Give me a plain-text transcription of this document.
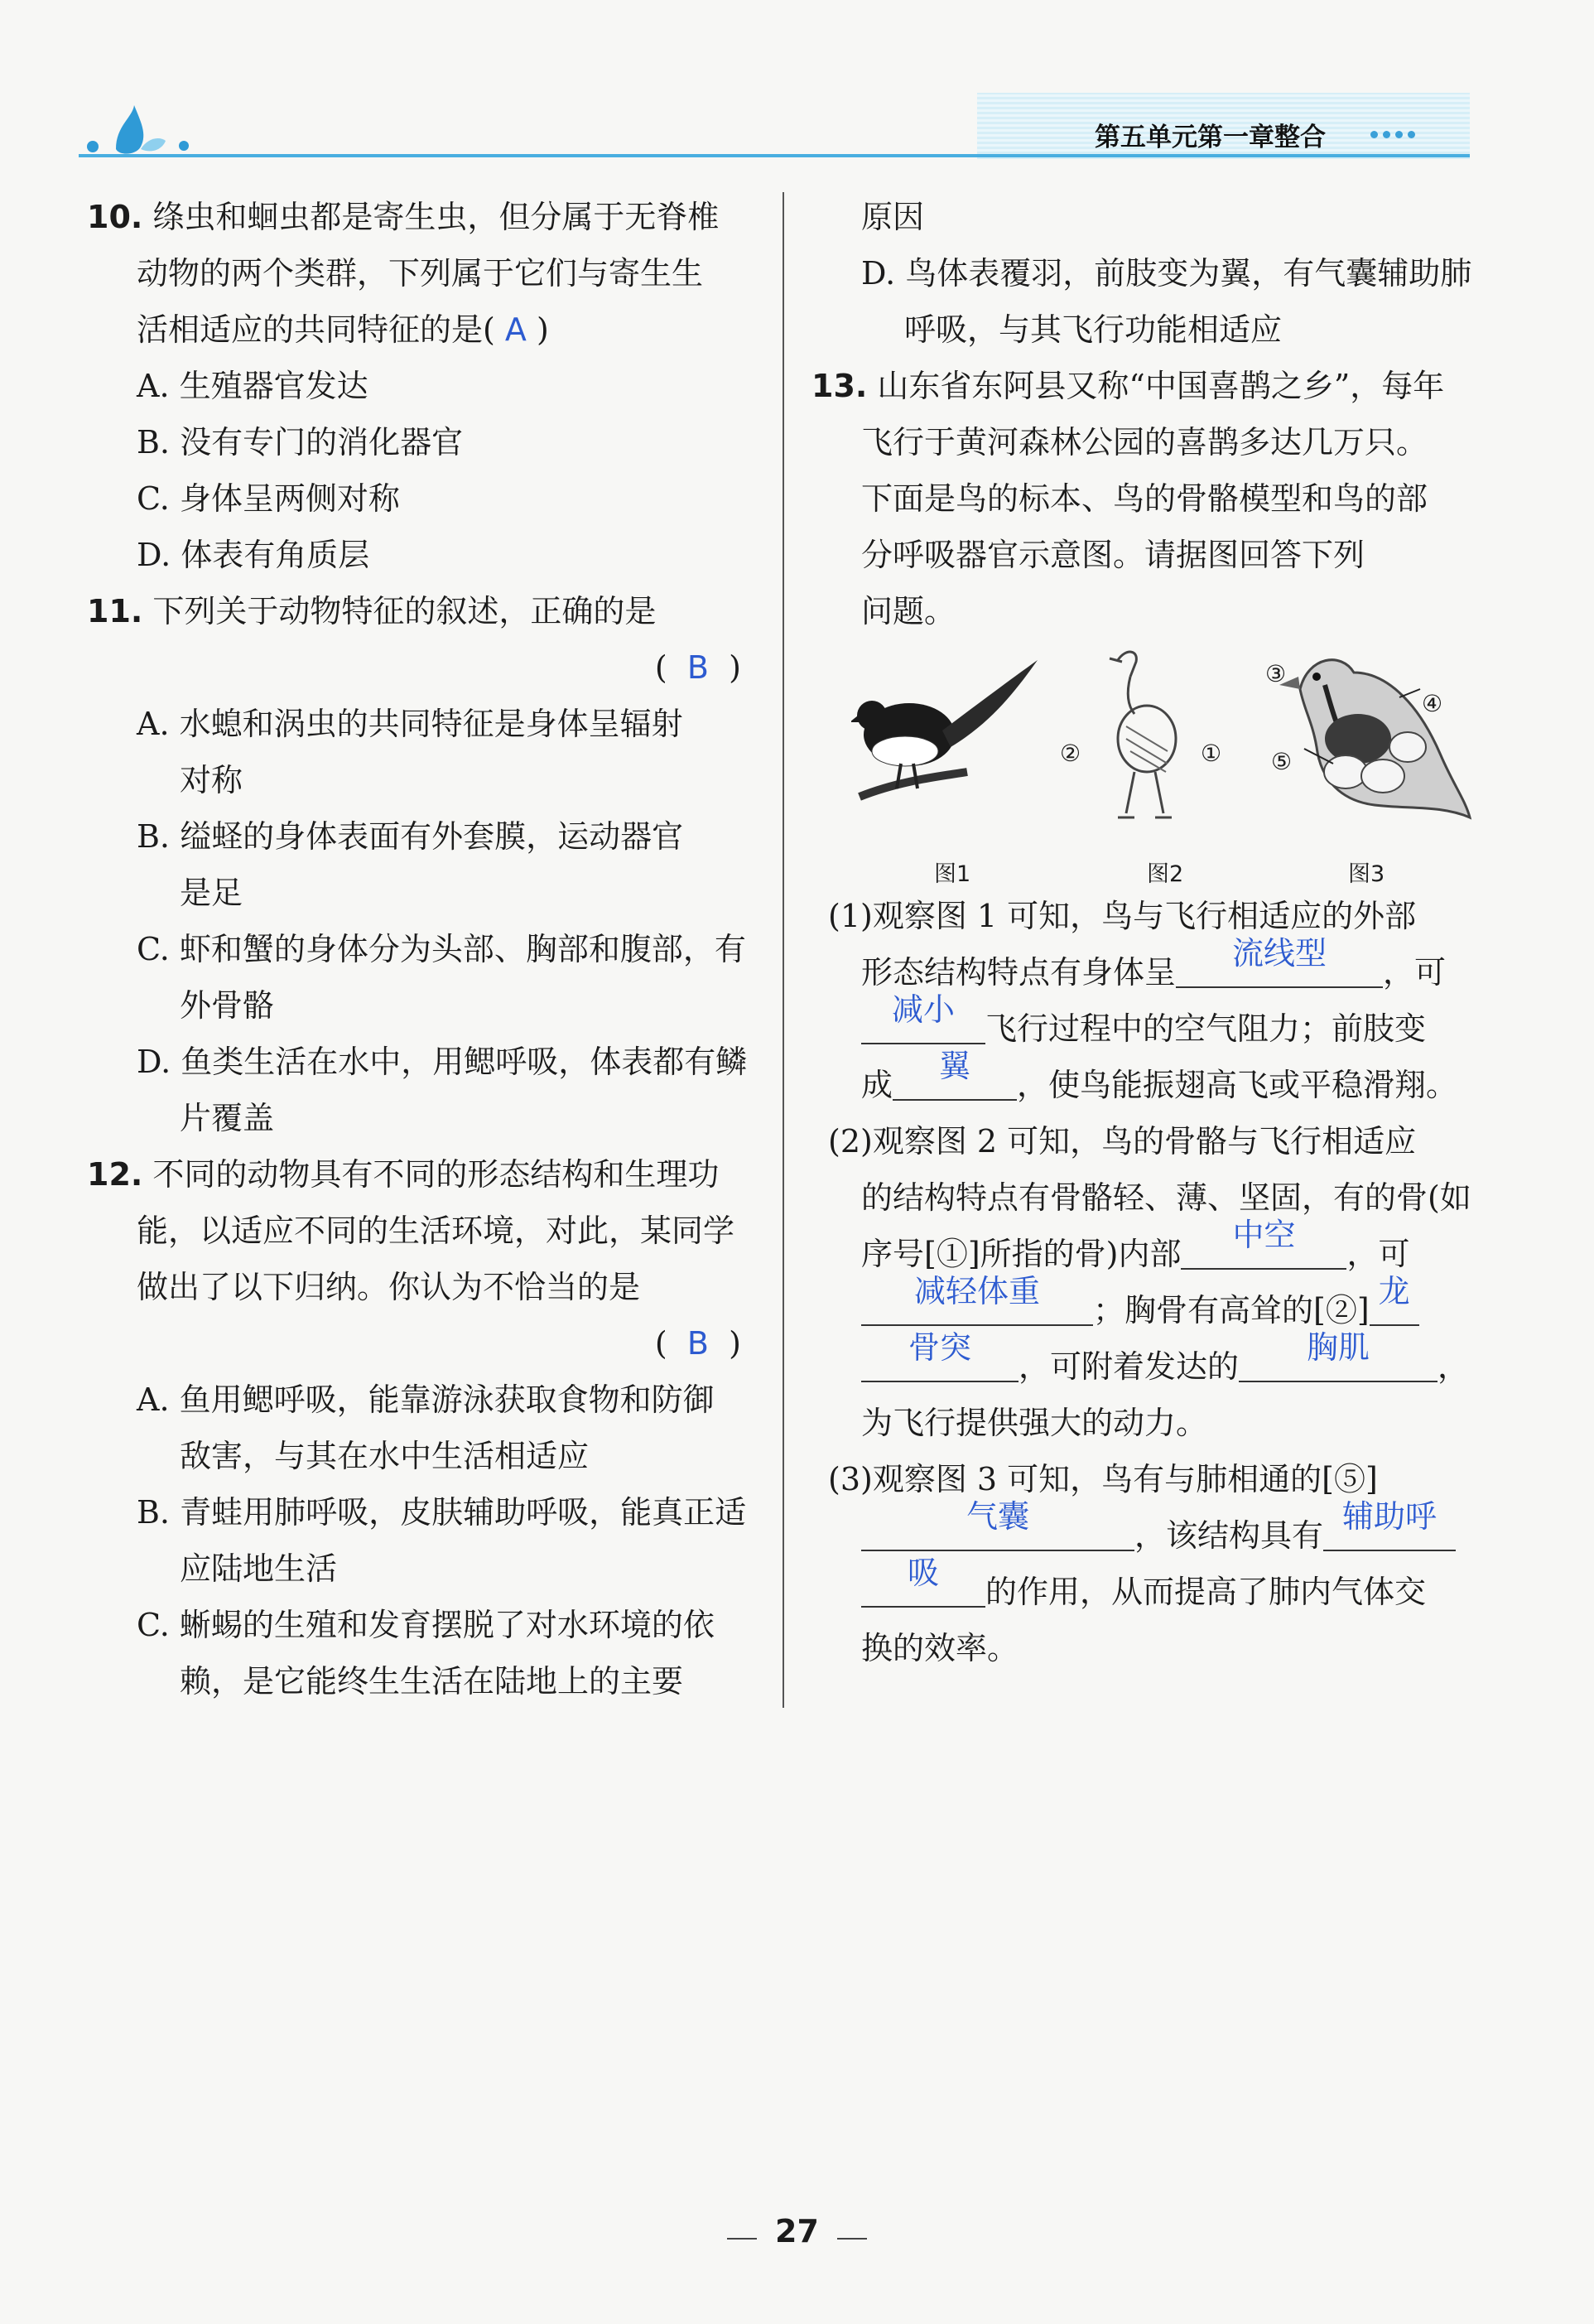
第五单元第一章整合
10. 绦虫和蛔虫都是寄生虫，但分属于无脊椎
动物的两个类群，下列属于它们与寄生生
活相适应的共同特征的是( A )
A. 生殖器官发达
B. 没有专门的消化器官
C. 身体呈两侧对称
D. 体表有角质层
11. 下列关于动物特征的叙述，正确的是
( B )
A. 水螅和涡虫的共同特征是身体呈辐射
对称
B. 缢蛏的身体表面有外套膜，运动器官
是足
C. 虾和蟹的身体分为头部、胸部和腹部，有
外骨骼
D. 鱼类生活在水中，用鳃呼吸，体表都有鳞
片覆盖
12. 不同的动物具有不同的形态结构和生理功
能，以适应不同的生活环境，对此，某同学
做出了以下归纳。你认为不恰当的是
( B )
A. 鱼用鳃呼吸，能靠游泳获取食物和防御
敌害，与其在水中生活相适应
B. 青蛙用肺呼吸，皮肤辅助呼吸，能真正适
应陆地生活
C. 蜥蜴的生殖和发育摆脱了对水环境的依
赖，是它能终生生活在陆地上的主要
原因
D. 鸟体表覆羽，前肢变为翼，有气囊辅助肺
呼吸，与其飞行功能相适应
13. 山东省东阿县又称“中国喜鹊之乡”，每年
飞行于黄河森林公园的喜鹊多达几万只。
下面是鸟的标本、鸟的骨骼模型和鸟的部
分呼吸器官示意图。请据图回答下列
问题。
②	①
③
④
⑤
图1	图2	图3
(1)观察图 1 可知，鸟与飞行相适应的外部
形态结构特点有身体呈
流线型
，可
减小
飞行过程中的空气阻力；前肢变
成
翼
，使鸟能振翅高飞或平稳滑翔。
(2)观察图 2 可知，鸟的骨骼与飞行相适应
的结构特点有骨骼轻、薄、坚固，有的骨(如
序号[①]所指的骨)内部
中空
，可
减轻体重
；胸骨有高耸的[②]
龙
骨突
，可附着发达的
胸肌
，
为飞行提供强大的动力。
(3)观察图 3 可知，鸟有与肺相通的[⑤]
气囊
，该结构具有
辅助呼
吸
的作用，从而提高了肺内气体交
换的效率。
27
